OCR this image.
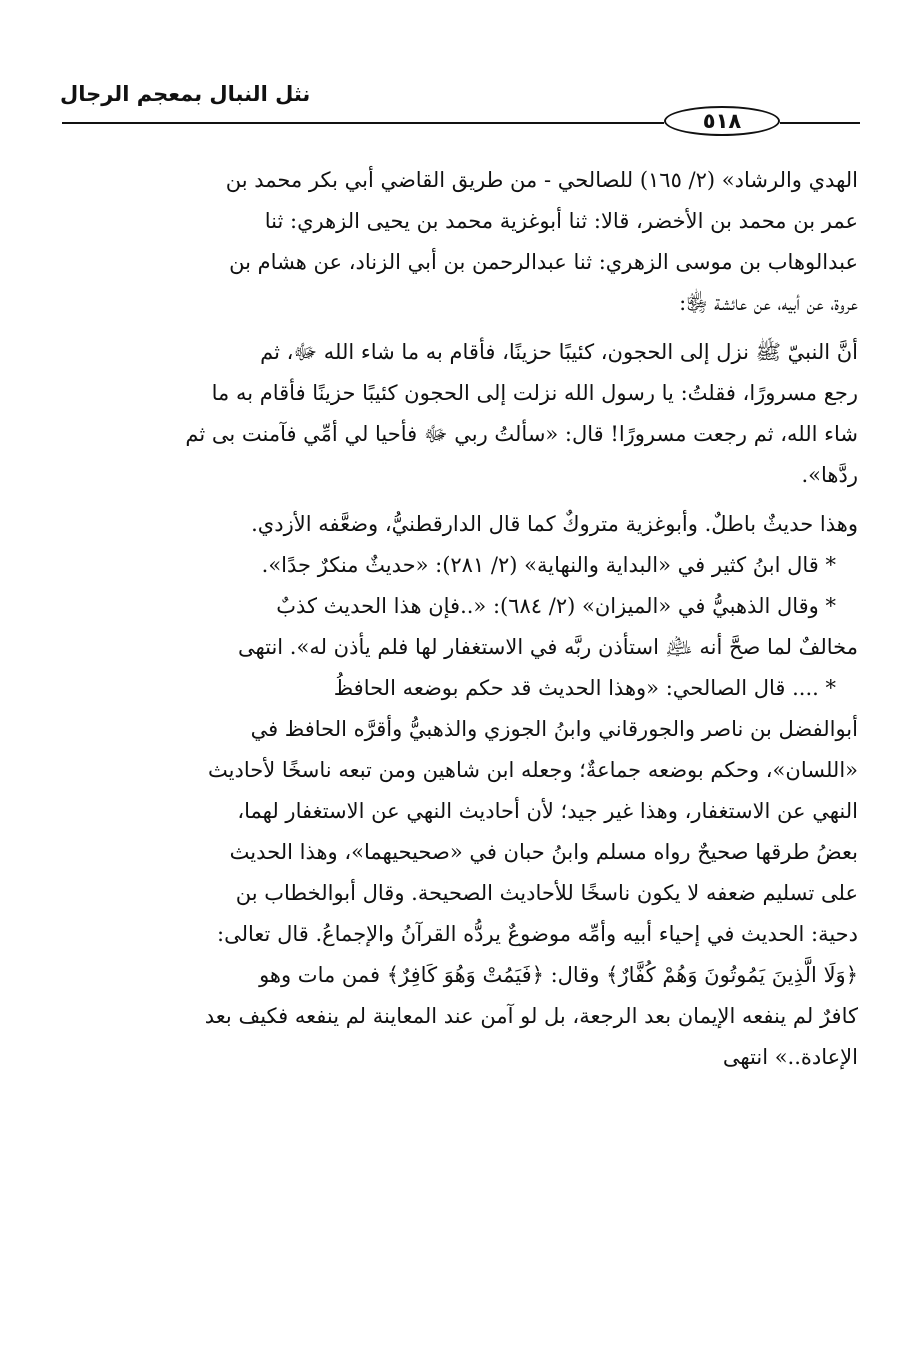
نثل النبال بمعجم الرجال
٥١٨
الهدي والرشاد» (٢/ ١٦٥) للصالحي - من طريق القاضي أبي بكر محمد بن
عمر بن محمد بن الأخضر، قالا: ثنا أبوغزية محمد بن يحيى الزهري: ثنا
عبدالوهاب بن موسى الزهري: ثنا عبدالرحمن بن أبي الزناد، عن هشام بن
عروة، عن أبيه، عن عائشة ﵂:
أنَّ النبيّ ﷺ نزل إلى الحجون، كئيبًا حزينًا، فأقام به ما شاء الله ﷻ، ثم
رجع مسرورًا، فقلتُ: يا رسول الله نزلت إلى الحجون كئيبًا حزينًا فأقام به ما
شاء الله، ثم رجعت مسرورًا! قال: «سألتُ ربي ﷻ فأحيا لي أمِّي فآمنت بى ثم
ردَّها».
وهذا حديثٌ باطلٌ. وأبوغزية متروكٌ كما قال الدارقطنيُّ، وضعَّفه الأزدي.
* قال ابنُ كثير في «البداية والنهاية» (٢/ ٢٨١): «حديثٌ منكرٌ جدًا».
* وقال الذهبيُّ في «الميزان» (٢/ ٦٨٤): «..فإن هذا الحديث كذبٌ
مخالفٌ لما صحَّ أنه ﵇ استأذن ربَّه في الاستغفار لها فلم يأذن له». انتهى
* .... قال الصالحي: «وهذا الحديث قد حكم بوضعه الحافظُ
أبوالفضل بن ناصر والجورقاني وابنُ الجوزي والذهبيُّ وأقرَّه الحافظ في
«اللسان»، وحكم بوضعه جماعةٌ؛ وجعله ابن شاهين ومن تبعه ناسخًا لأحاديث
النهي عن الاستغفار، وهذا غير جيد؛ لأن أحاديث النهي عن الاستغفار لهما،
بعضُ طرقها صحيحٌ رواه مسلم وابنُ حبان في «صحيحيهما»، وهذا الحديث
على تسليم ضعفه لا يكون ناسخًا للأحاديث الصحيحة. وقال أبوالخطاب بن
دحية: الحديث في إحياء أبيه وأمِّه موضوعٌ يردُّه القرآنُ والإجماعُ. قال تعالى:
﴿وَلَا الَّذِينَ يَمُوتُونَ وَهُمْ كُفَّارٌ﴾ وقال: ﴿فَيَمُتْ وَهُوَ كَافِرٌ﴾ فمن مات وهو
كافرٌ لم ينفعه الإيمان بعد الرجعة، بل لو آمن عند المعاينة لم ينفعه فكيف بعد
الإعادة..» انتهى
